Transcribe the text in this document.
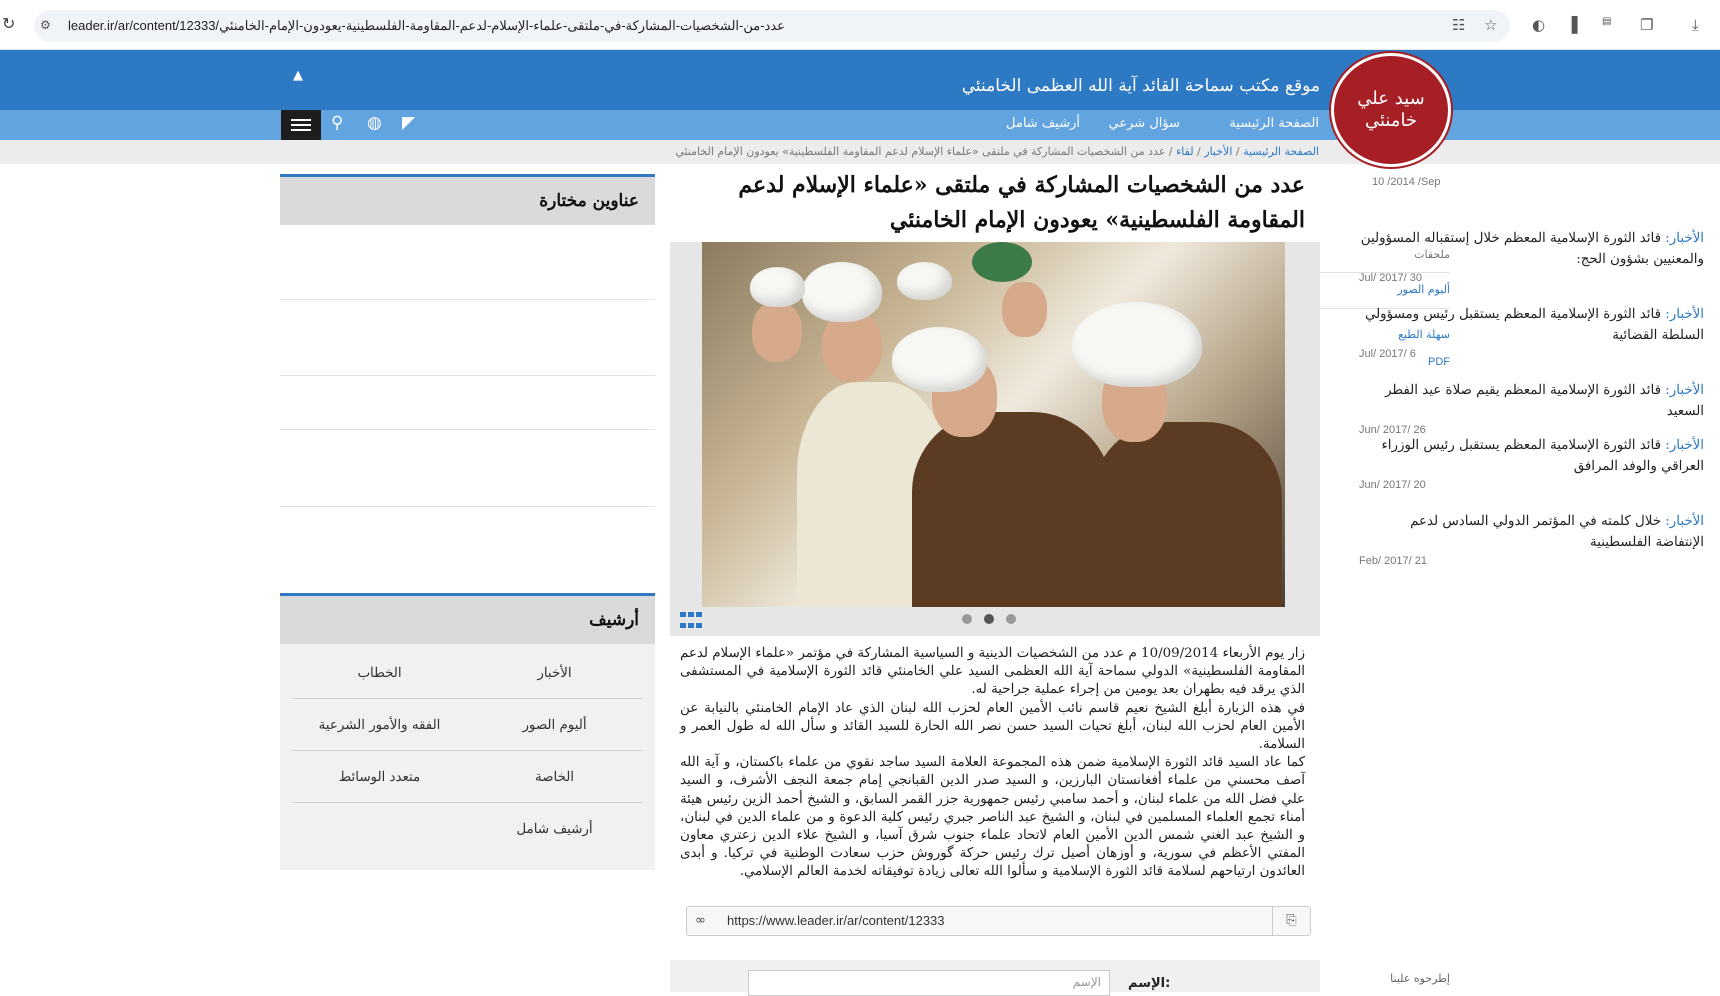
↻ ⚙ leader.ir/ar/content/12333/عدد-من-الشخصيات-المشاركة-في-ملتقى-علماء-الإسلام-لدعم-المقاومة-الفلسطينية-يعودون-الإمام-الخامنئي	☷ ☆ ◐ ▐ ▤ ❐	⤓
موقع مكتب سماحة القائد آية الله العظمى الخامنئي
▲
سيد علي خامنئي
الصفحة الرئيسية
سؤال شرعي
أرشيف شامل
◤
◍
⚲
الصفحة الرئيسية / الأخبار / لقاء / عدد من الشخصيات المشاركة في ملتقى «علماء الإسلام لدعم المقاومة الفلسطينية» يعودون الإمام الخامنئي
10 /2014 /Sep
ملحقات
أليوم الصور
سهلة الطبع
PDF
عدد من الشخصيات المشاركة في ملتقى «علماء الإسلام لدعم المقاومة الفلسطينية» يعودون الإمام الخامنئي

زار يوم الأربعاء 10/09/2014 م عدد من الشخصيات الدينية و السياسية المشاركة في مؤتمر «علماء الإسلام لدعم المقاومة الفلسطينية» الدولي سماحة آية الله العظمى السيد علي الخامنئي قائد الثورة الإسلامية في المستشفى الذي يرقد فيه بطهران بعد يومين من إجراء عملية جراحية له.

في هذه الزيارة أبلغ الشيخ نعيم قاسم نائب الأمين العام لحزب الله لبنان الذي عاد الإمام الخامنئي بالنيابة عن الأمين العام لحزب الله لبنان، أبلغ تحيات السيد حسن نصر الله الحارة للسيد القائد و سأل الله له طول العمر و السلامة.

كما عاد السيد قائد الثورة الإسلامية ضمن هذه المجموعة العلامة السيد ساجد نقوي من علماء باكستان، و آية الله آصف محسني من علماء أفغانستان البارزين، و السيد صدر الدين القبانجي إمام جمعة النجف الأشرف، و السيد علي فضل الله من علماء لبنان، و أحمد سامبي رئيس جمهورية جزر القمر السابق، و الشيخ أحمد الزين رئيس هيئة أمناء تجمع العلماء المسلمين في لبنان، و الشيخ عبد الناصر جبري رئيس كلية الدعوة و من علماء الدين في لبنان، و الشيخ عبد الغني شمس الدين الأمين العام لاتحاد علماء جنوب شرق آسيا، و الشيخ علاء الدين زعتري معاون المفتي الأعظم في سورية، و أوزهان أصيل ترك رئيس حركة گوروش حزب سعادت الوطنية في تركيا. و أبدى العائدون ارتياحهم لسلامة قائد الثورة الإسلامية و سألوا الله تعالى زيادة توفيقاته لخدمة العالم الإسلامي.

∞ https://www.leader.ir/ar/content/12333	⎘
الإسم	الإسم:	إطرحوه علينا
عناوين مختارة
الأخبار: قائد الثورة الإسلامية المعظم خلال إستقباله المسؤولين والمعنيين بشؤون الحج:
30 /2017 /Jul
الأخبار: قائد الثورة الإسلامية المعظم يستقبل رئيس ومسؤولي السلطة القضائية
6 /2017 /Jul
الأخبار: قائد الثورة الإسلامية المعظم يقيم صلاة عيد الفطر السعيد
26 /2017 /Jun
الأخبار: قائد الثورة الإسلامية المعظم يستقبل رئيس الوزراء العراقي والوفد المرافق
20 /2017 /Jun
الأخبار: خلال كلمته في المؤتمر الدولي السادس لدعم الإنتفاضة الفلسطينية
21 /2017 /Feb
أرشيف
الأخبار
الخطاب
أليوم الصور
الفقه والأمور الشرعية
الخاصة
متعدد الوسائط
أرشيف شامل
